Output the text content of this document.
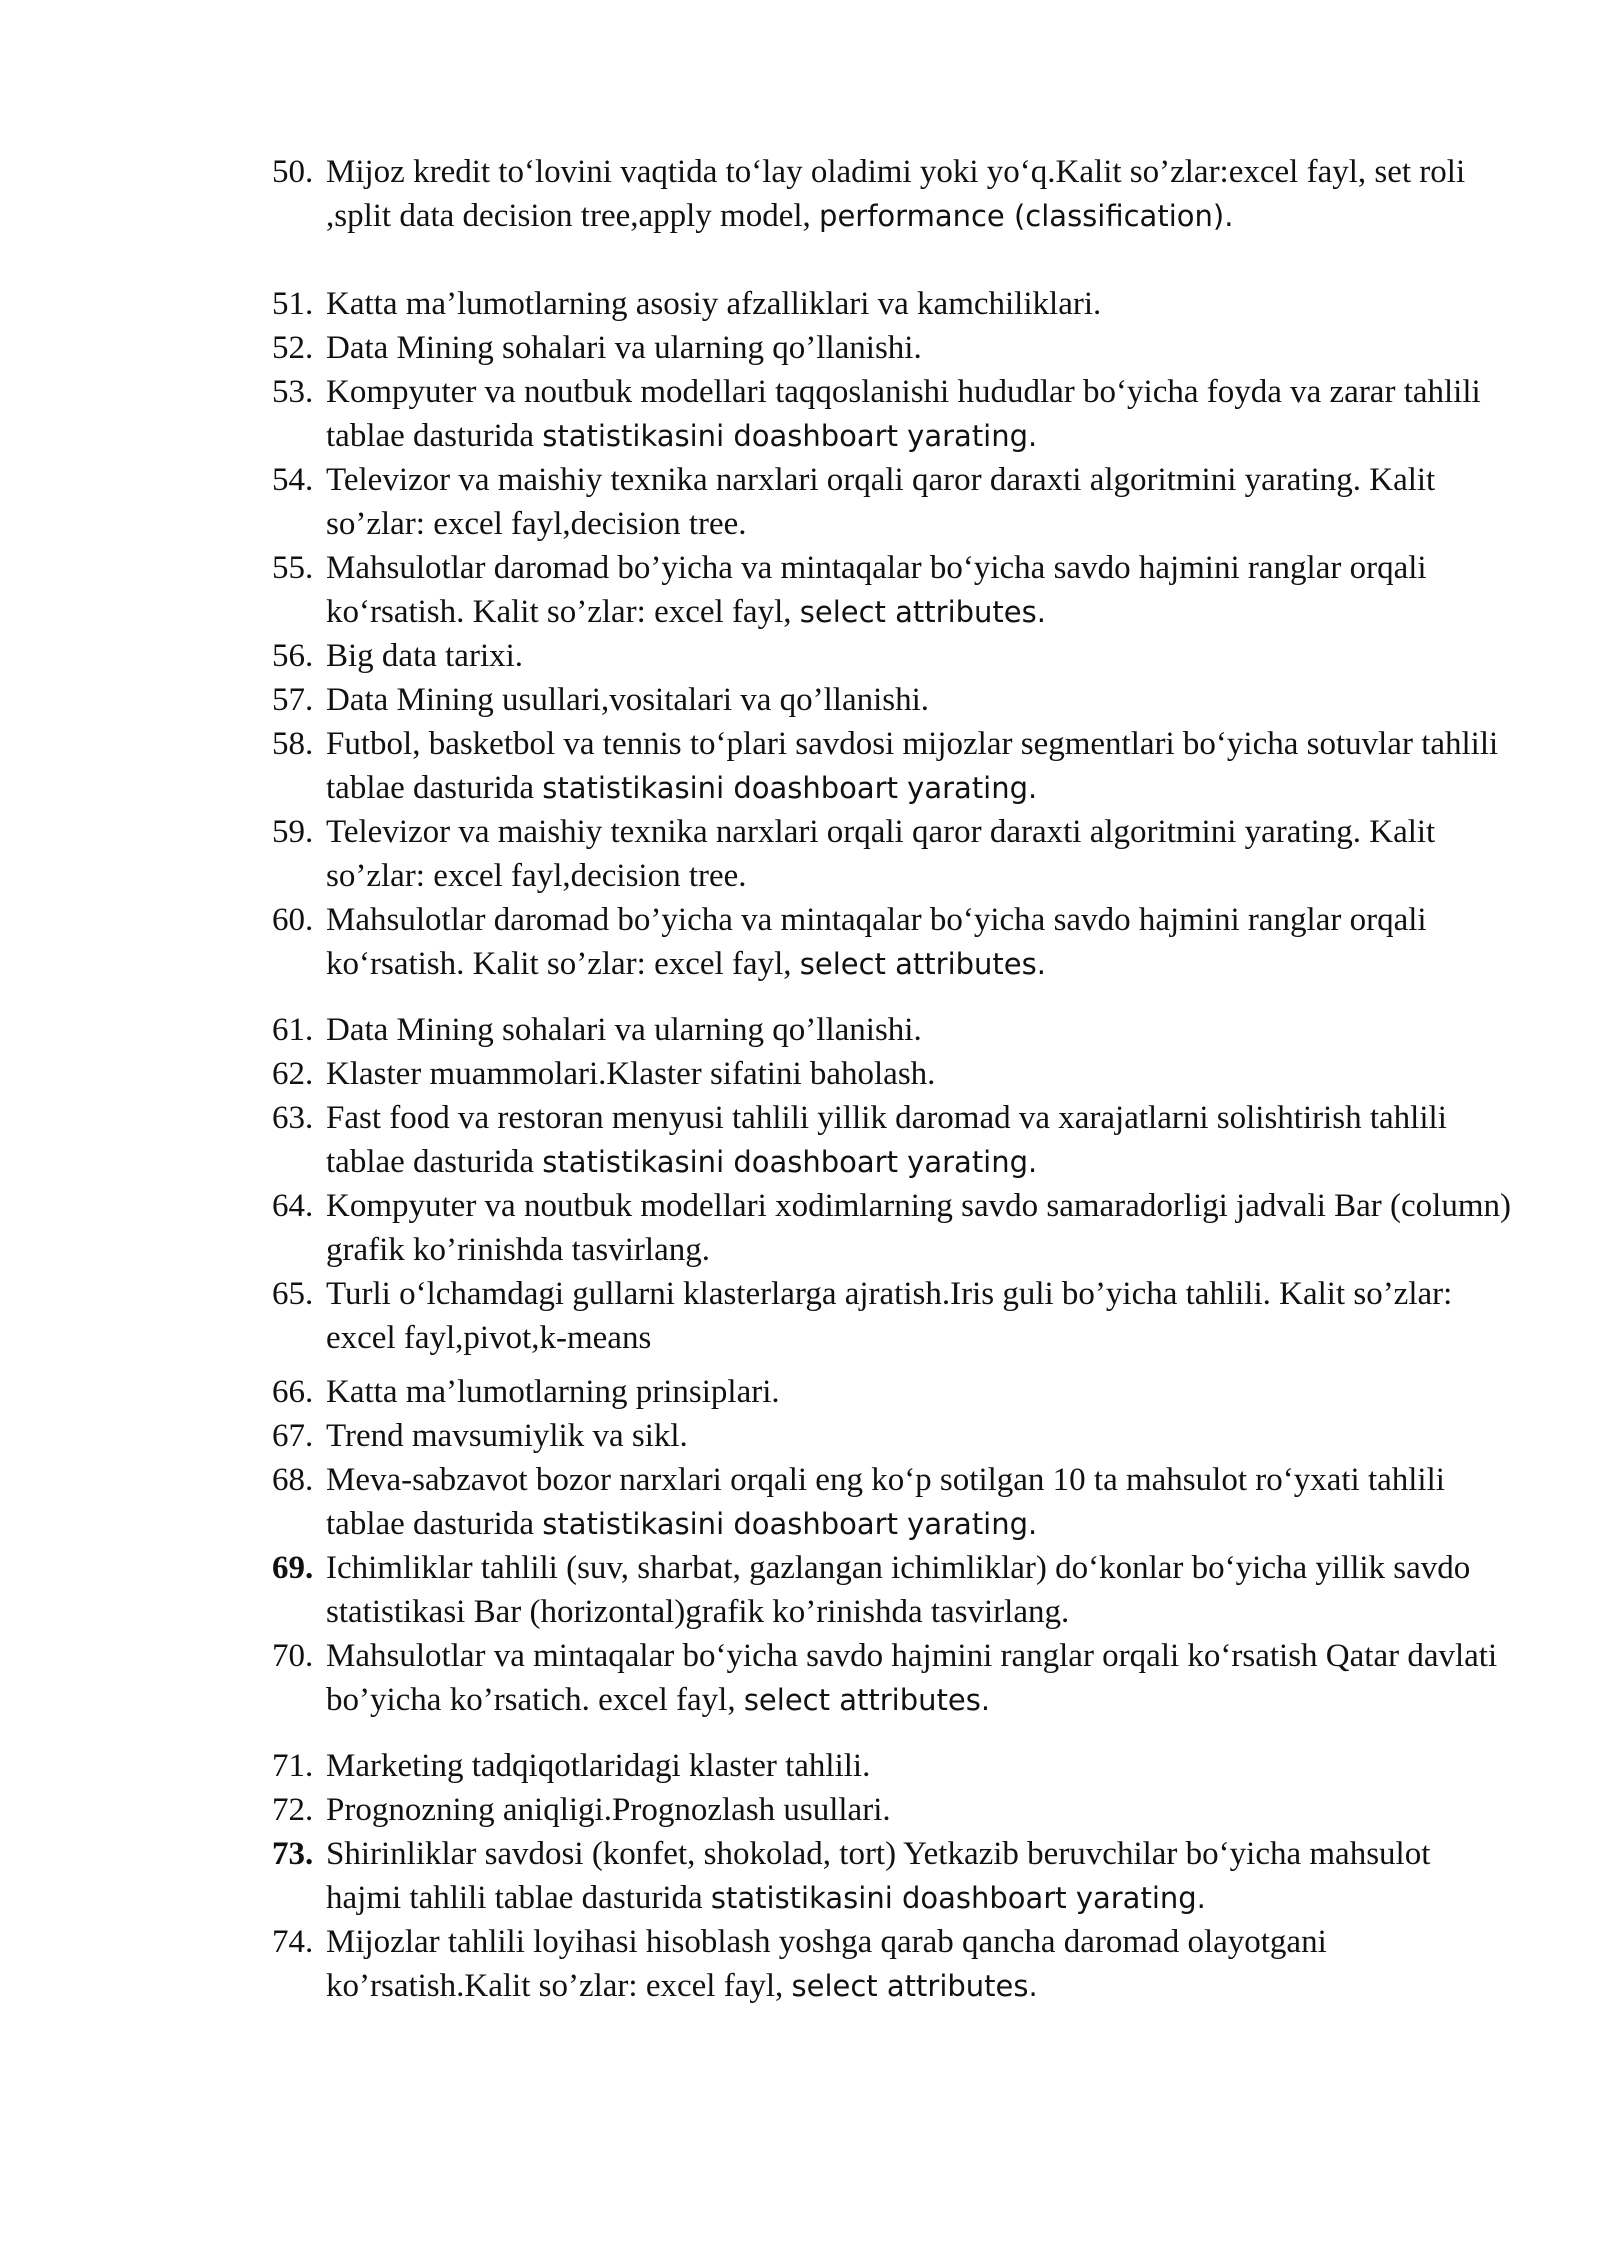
50. Mijoz kredit to‘lovini vaqtida to‘lay oladimi yoki yo‘q.Kalit so’zlar:excel fayl, set roli ,split data decision tree,apply model, performance (classification).
51. Katta ma’lumotlarning asosiy afzalliklari va kamchiliklari.
52. Data Mining sohalari va ularning qo’llanishi.
53. Kompyuter va noutbuk modellari taqqoslanishi hududlar bo‘yicha foyda va zarar tahlili tablae dasturida statistikasini doashboart yarating.
54. Televizor va maishiy texnika narxlari orqali qaror daraxti algoritmini yarating. Kalit so’zlar: excel fayl,decision tree.
55. Mahsulotlar daromad bo’yicha va mintaqalar bo‘yicha savdo hajmini ranglar orqali ko‘rsatish. Kalit so’zlar: excel fayl, select attributes.
56. Big data tarixi.
57. Data Mining usullari,vositalari va qo’llanishi.
58. Futbol, basketbol va tennis to‘plari savdosi mijozlar segmentlari bo‘yicha sotuvlar tahlili tablae dasturida statistikasini doashboart yarating.
59. Televizor va maishiy texnika narxlari orqali qaror daraxti algoritmini yarating. Kalit so’zlar: excel fayl,decision tree.
60. Mahsulotlar daromad bo’yicha va mintaqalar bo‘yicha savdo hajmini ranglar orqali ko‘rsatish. Kalit so’zlar: excel fayl, select attributes.
61. Data Mining sohalari va ularning qo’llanishi.
62. Klaster muammolari.Klaster sifatini baholash.
63. Fast food va restoran menyusi tahlili yillik daromad va xarajatlarni solishtirish tahlili tablae dasturida statistikasini doashboart yarating.
64. Kompyuter va noutbuk modellari xodimlarning savdo samaradorligi jadvali Bar (column) grafik ko’rinishda tasvirlang.
65. Turli o‘lchamdagi gullarni klasterlarga ajratish.Iris guli bo’yicha tahlili. Kalit so’zlar: excel fayl,pivot,k-means
66. Katta ma’lumotlarning prinsiplari.
67. Trend mavsumiylik va sikl.
68. Meva-sabzavot bozor narxlari orqali eng ko‘p sotilgan 10 ta mahsulot ro‘yxati tahlili tablae dasturida statistikasini doashboart yarating.
69. Ichimliklar tahlili (suv, sharbat, gazlangan ichimliklar) do‘konlar bo‘yicha yillik savdo statistikasi Bar (horizontal)grafik ko’rinishda tasvirlang.
70. Mahsulotlar va mintaqalar bo‘yicha savdo hajmini ranglar orqali ko‘rsatish Qatar davlati bo’yicha ko’rsatich. excel fayl, select attributes.
71. Marketing tadqiqotlaridagi klaster tahlili.
72. Prognozning aniqligi.Prognozlash usullari.
73. Shirinliklar savdosi (konfet, shokolad, tort) Yetkazib beruvchilar bo‘yicha mahsulot hajmi tahlili tablae dasturida statistikasini doashboart yarating.
74. Mijozlar tahlili loyihasi hisoblash yoshga qarab qancha daromad olayotgani ko’rsatish.Kalit so’zlar: excel fayl, select attributes.
